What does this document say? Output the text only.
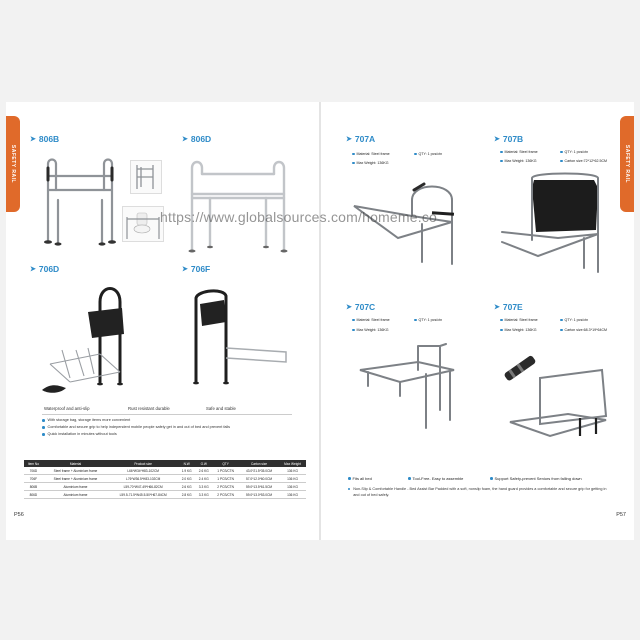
SAFETY RAIL
➤ 806B	➤ 806D
➤ 706D	➤ 706F
Waterproof and anti-slip	Rust resistant durable	Safe and stable
With storage bag, storage items more convenient
Comfortable and secure grip to help independent mobile people safely get in and out of bed and prevent falls
Quick installation in minutes without tools
Item No	Material	Product size	N.W	G.W	QTY	Carton size	Max Weight
706D	Steel frame + Aluminium frame	L66*W34*H83-102CM	1.9 KG	2.6 KG	1 PCS/CTN	43.0*21.5*35.0CM	136 KG
706F	Steel frame + Aluminium frame	L76*W36.5*H83-102CM	2.0 KG	2.4 KG	1 PCS/CTN	57.0*12.0*60.0CM	136 KG
806B	Aluminium frame	L59-70*W47-49*H66-82CM	2.6 KG	3.3 KG	2 PCS/CTN	59.0*13.5*61.5CM	136 KG
806D	Aluminium frame	L59.5-71.5*W45.5-50*H67-84CM	2.8 KG	3.3 KG	2 PCS/CTN	59.0*13.0*53.0CM	136 KG
P56
SAFETY RAIL
➤ 707A
Material: Steel frame	QTY: 1 pcs/ctn
Max Weight: 136KG
➤ 707B
Material: Steel frame	QTY: 1 pcs/ctn
Max Weight: 136KG	Carton size:72*12*62.5CM
➤ 707C
Material: Steel frame	QTY: 1 pcs/ctn
Max Weight: 136KG
➤ 707E
Material: Steel frame	QTY: 1 pcs/ctn
Max Weight: 136KG	Carton size:68.3*19*64CM
Fits all bed	Tool-Free- Easy to assemble	Support Safety-prevent Seniors from falling down
Non-Slip & Comfortable Handle - Bed Assist Bar Padded with a soft, nonslip foam, the hand guard provides a comfortable and secure grip for getting in and out of bed safely.
P57
https://www.globalsources.com/homeme.co
